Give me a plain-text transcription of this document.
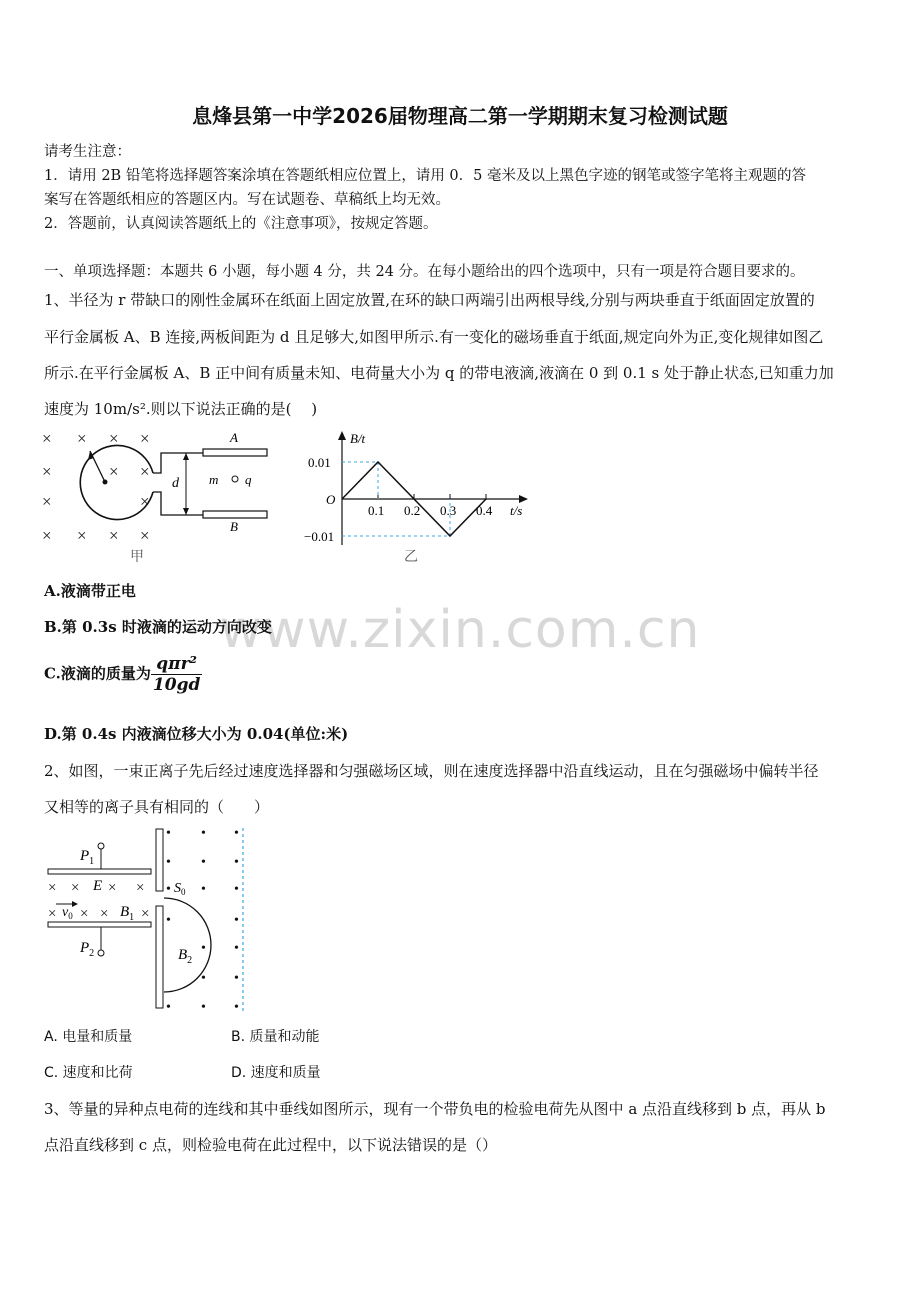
www.zixin.com.cn
息烽县第一中学2026届物理高二第一学期期末复习检测试题
请考生注意：
1．请用 2B 铅笔将选择题答案涂填在答题纸相应位置上，请用 0．5 毫米及以上黑色字迹的钢笔或签字笔将主观题的答
案写在答题纸相应的答题区内。写在试题卷、草稿纸上均无效。
2．答题前，认真阅读答题纸上的《注意事项》，按规定答题。
一、单项选择题：本题共 6 小题，每小题 4 分，共 24 分。在每小题给出的四个选项中，只有一项是符合题目要求的。
1、半径为 r 带缺口的刚性金属环在纸面上固定放置,在环的缺口两端引出两根导线,分别与两块垂直于纸面固定放置的
平行金属板 A、B 连接,两板间距为 d 且足够大,如图甲所示.有一变化的磁场垂直于纸面,规定向外为正,变化规律如图乙
所示.在平行金属板 A、B 正中间有质量未知、电荷量大小为 q 的带电液滴,液滴在 0 到 0.1 s 处于静止状态,已知重力加
速度为 10m/s².则以下说法正确的是(　 )
× × × ×
×	× ×
×	×
× × × ×
A
B
d m q
甲
B/t
t/s
O
0.01
−0.01
0.1 0.2 0.3 0.4
乙
A.液滴带正电
B.第 0.3s 时液滴的运动方向改变
C.液滴的质量为 $\frac{\text{qπr²}}{10gd}$
D.第 0.4s 内液滴位移大小为 0.04(单位:米)
2、如图，一束正离子先后经过速度选择器和匀强磁场区域，则在速度选择器中沿直线运动，且在匀强磁场中偏转半径
又相等的离子具有相同的（　　）
$P_1$
$P_2$
× × × ×
× × × ×
E
$v_0$	$B_1$
$S_0$
$B_2$
• • •
• • •
• • •
•
•
• •
• •
• • •
A. 电量和质量	B. 质量和动能
C. 速度和比荷	D. 速度和质量
3、等量的异种点电荷的连线和其中垂线如图所示，现有一个带负电的检验电荷先从图中 a 点沿直线移到 b 点，再从 b
点沿直线移到 c 点，则检验电荷在此过程中，以下说法错误的是（）
